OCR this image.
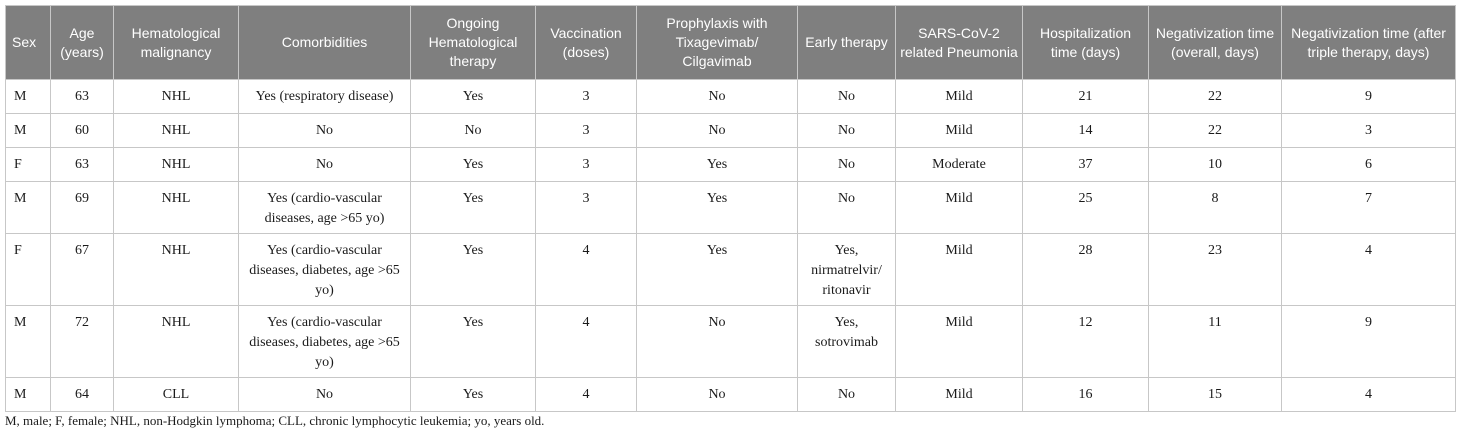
Sex	Age (years)	Hematological malignancy	Comorbidities	Ongoing Hematological therapy	Vaccination (doses)	Prophylaxis with Tixagevimab/ Cilgavimab	Early therapy	SARS-CoV-2 related Pneumonia	Hospitalization time (days)	Negativization time (overall, days)	Negativization time (after triple therapy, days)
M	63	NHL	Yes (respiratory disease)	Yes	3	No	No	Mild	21	22	9
M	60	NHL	No	No	3	No	No	Mild	14	22	3
F	63	NHL	No	Yes	3	Yes	No	Moderate	37	10	6
M	69	NHL	Yes (cardio-vascular diseases, age >65 yo)	Yes	3	Yes	No	Mild	25	8	7
F	67	NHL	Yes (cardio-vascular diseases, diabetes, age >65 yo)	Yes	4	Yes	Yes, nirmatrelvir/ ritonavir	Mild	28	23	4
M	72	NHL	Yes (cardio-vascular diseases, diabetes, age >65 yo)	Yes	4	No	Yes, sotrovimab	Mild	12	11	9
M	64	CLL	No	Yes	4	No	No	Mild	16	15	4
M, male; F, female; NHL, non-Hodgkin lymphoma; CLL, chronic lymphocytic leukemia; yo, years old.
